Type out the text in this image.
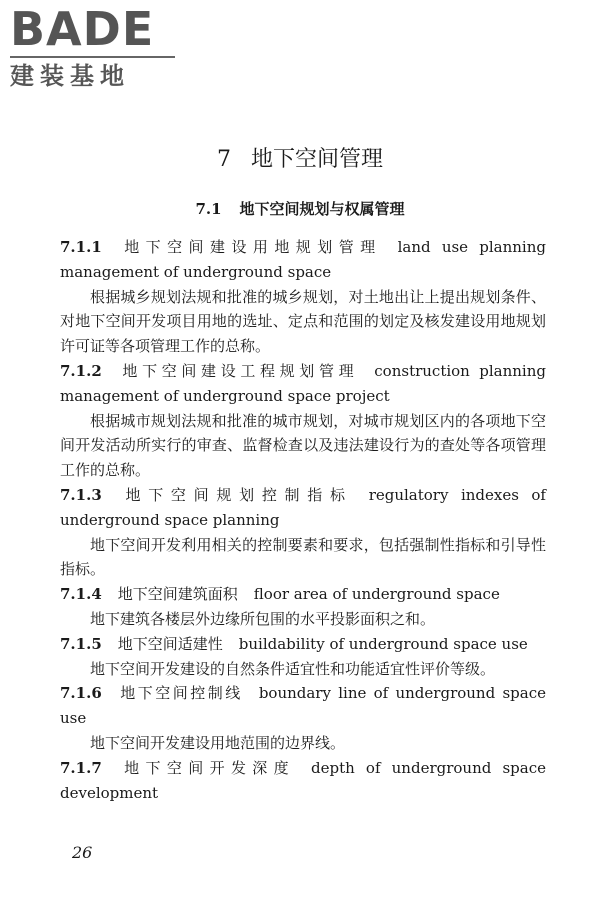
BADE
建装基地
7 地下空间管理
7.1 地下空间规划与权属管理
7.1.1 地下空间建设用地规划管理 land use planning management of underground space
根据城乡规划法规和批准的城乡规划，对土地出让上提出规划条件、对地下空间开发项目用地的选址、定点和范围的划定及核发建设用地规划许可证等各项管理工作的总称。
7.1.2 地下空间建设工程规划管理 construction planning management of underground space project
根据城市规划法规和批准的城市规划，对城市规划区内的各项地下空间开发活动所实行的审查、监督检查以及违法建设行为的查处等各项管理工作的总称。
7.1.3 地下空间规划控制指标 regulatory indexes of underground space planning
地下空间开发利用相关的控制要素和要求，包括强制性指标和引导性指标。
7.1.4 地下空间建筑面积 floor area of underground space
地下建筑各楼层外边缘所包围的水平投影面积之和。
7.1.5 地下空间适建性 buildability of underground space use
地下空间开发建设的自然条件适宜性和功能适宜性评价等级。
7.1.6 地下空间控制线 boundary line of underground space use
地下空间开发建设用地范围的边界线。
7.1.7 地下空间开发深度 depth of underground space development
26
